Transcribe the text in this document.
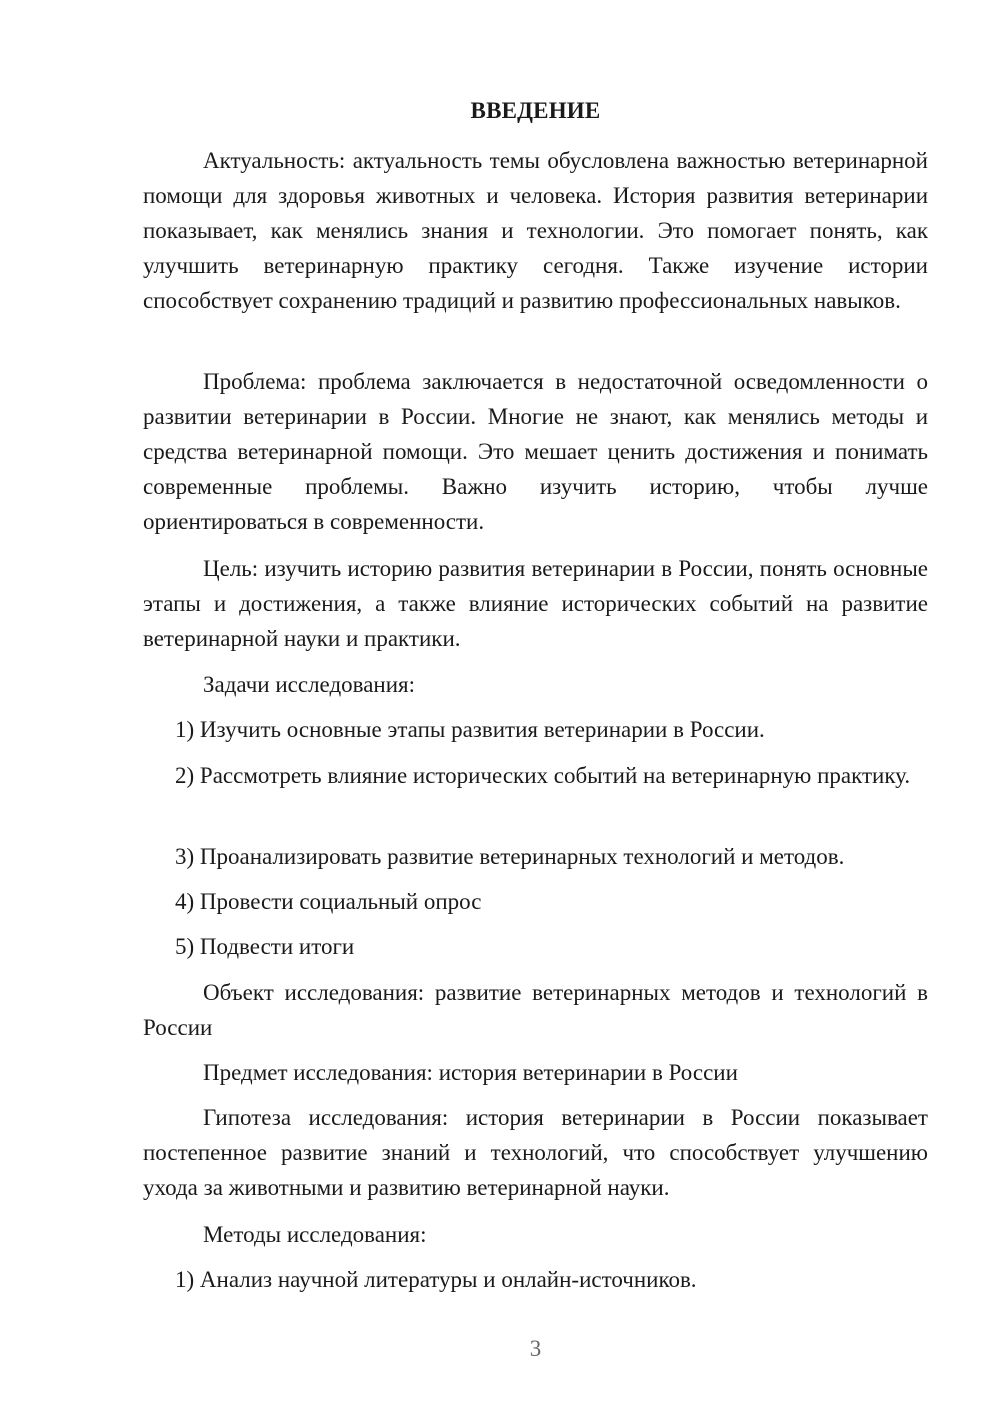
ВВЕДЕНИЕ

Актуальность: актуальность темы обусловлена важностью ветеринарной помощи для здоровья животных и человека. История развития ветеринарии показывает, как менялись знания и технологии. Это помогает понять, как улучшить ветеринарную практику сегодня. Также изучение истории способствует сохранению традиций и развитию профессиональных навыков.

Проблема: проблема заключается в недостаточной осведомленности о развитии ветеринарии в России. Многие не знают, как менялись методы и средства ветеринарной помощи. Это мешает ценить достижения и понимать современные проблемы. Важно изучить историю, чтобы лучше ориентироваться в современности.

Цель: изучить историю развития ветеринарии в России, понять основные этапы и достижения, а также влияние исторических событий на развитие ветеринарной науки и практики.

Задачи исследования:

1) Изучить основные этапы развития ветеринарии в России.

2) Рассмотреть влияние исторических событий на ветеринарную практику.

3) Проанализировать развитие ветеринарных технологий и методов.

4) Провести социальный опрос

5) Подвести итоги

Объект исследования: развитие ветеринарных методов и технологий в России

Предмет исследования: история ветеринарии в России

Гипотеза исследования: история ветеринарии в России показывает постепенное развитие знаний и технологий, что способствует улучшению ухода за животными и развитию ветеринарной науки.

Методы исследования:

1) Анализ научной литературы и онлайн-источников.

3
